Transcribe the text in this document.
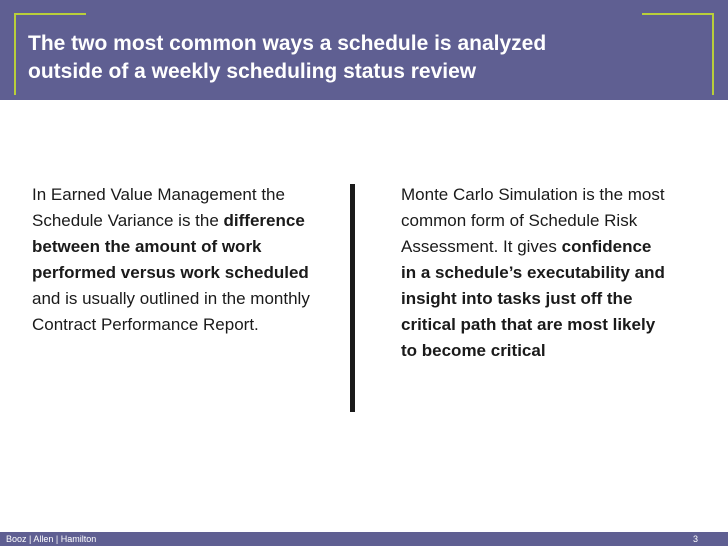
The two most common ways a schedule is analyzed
outside of a weekly scheduling status review
In Earned Value Management the Schedule Variance is the difference between the amount of work performed versus work scheduled and is usually outlined in the monthly Contract Performance Report.
Monte Carlo Simulation is the most common form of Schedule Risk Assessment. It gives confidence in a schedule’s executability and insight into tasks just off the critical path that are most likely to become critical
Booz | Allen | Hamilton	3
